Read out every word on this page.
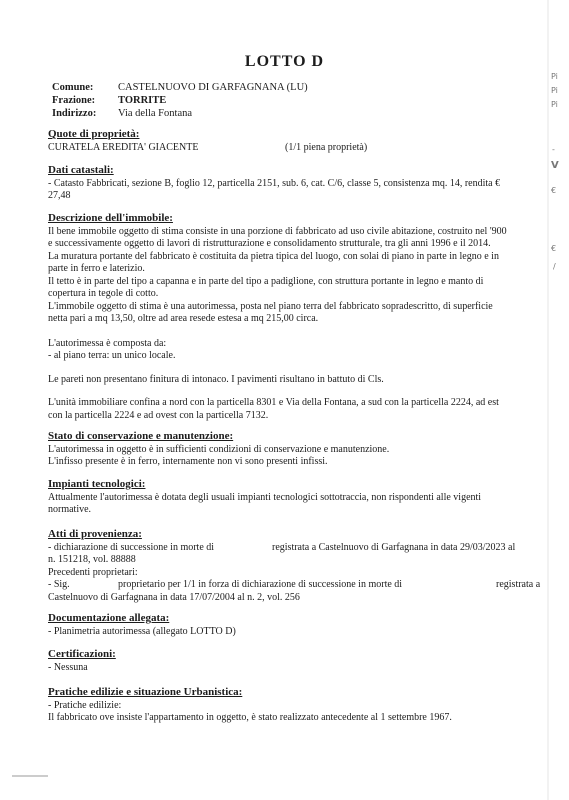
Pi
Pi
Pi
-
V
€
€
/
LOTTO D
Comune: CASTELNUOVO DI GARFAGNANA (LU)
Frazione: TORRITE
Indirizzo: Via della Fontana
Quote di proprietà:
CURATELA EREDITA' GIACENTE	(1/1 piena proprietà)
Dati catastali:

- Catasto Fabbricati, sezione B, foglio 12, particella 2151, sub. 6, cat. C/6, classe 5, consistenza mq. 14, rendita €

27,48

Descrizione dell'immobile:

Il bene immobile oggetto di stima consiste in una porzione di fabbricato ad uso civile abitazione, costruito nel '900

e successivamente oggetto di lavori di ristrutturazione e consolidamento strutturale, tra gli anni 1996 e il 2014.

La muratura portante del fabbricato è costituita da pietra tipica del luogo, con solai di piano in parte in legno e in

parte in ferro e laterizio.

Il tetto è in parte del tipo a capanna e in parte del tipo a padiglione, con struttura portante in legno e manto di

copertura in tegole di cotto.

L'immobile oggetto di stima è una autorimessa, posta nel piano terra del fabbricato sopradescritto, di superficie

netta pari a mq 13,50, oltre ad area resede estesa a mq 215,00 circa.

L'autorimessa è composta da:

- al piano terra: un unico locale.

Le pareti non presentano finitura di intonaco. I pavimenti risultano in battuto di Cls.

L'unità immobiliare confina a nord con la particella 8301 e Via della Fontana, a sud con la particella 2224, ad est

con la particella 2224 e ad ovest con la particella 7132.

Stato di conservazione e manutenzione:

L'autorimessa in oggetto è in sufficienti condizioni di conservazione e manutenzione.

L'infisso presente è in ferro, internamente non vi sono presenti infissi.

Impianti tecnologici:

Attualmente l'autorimessa è dotata degli usuali impianti tecnologici sottotraccia, non rispondenti alle vigenti

normative.

Atti di provenienza:
- dichiarazione di successione in morte di	registrata a Castelnuovo di Garfagnana in data 29/03/2023 al

n. 151218, vol. 88888

Precedenti proprietari:

- Sig.	proprietario per 1/1 in forza di dichiarazione di successione in morte di	registrata a

Castelnuovo di Garfagnana in data 17/07/2004 al n. 2, vol. 256

Documentazione allegata:

- Planimetria autorimessa (allegato LOTTO D)

Certificazioni:

- Nessuna

Pratiche edilizie e situazione Urbanistica:

- Pratiche edilizie:

Il fabbricato ove insiste l'appartamento in oggetto, è stato realizzato antecedente al 1 settembre 1967.
